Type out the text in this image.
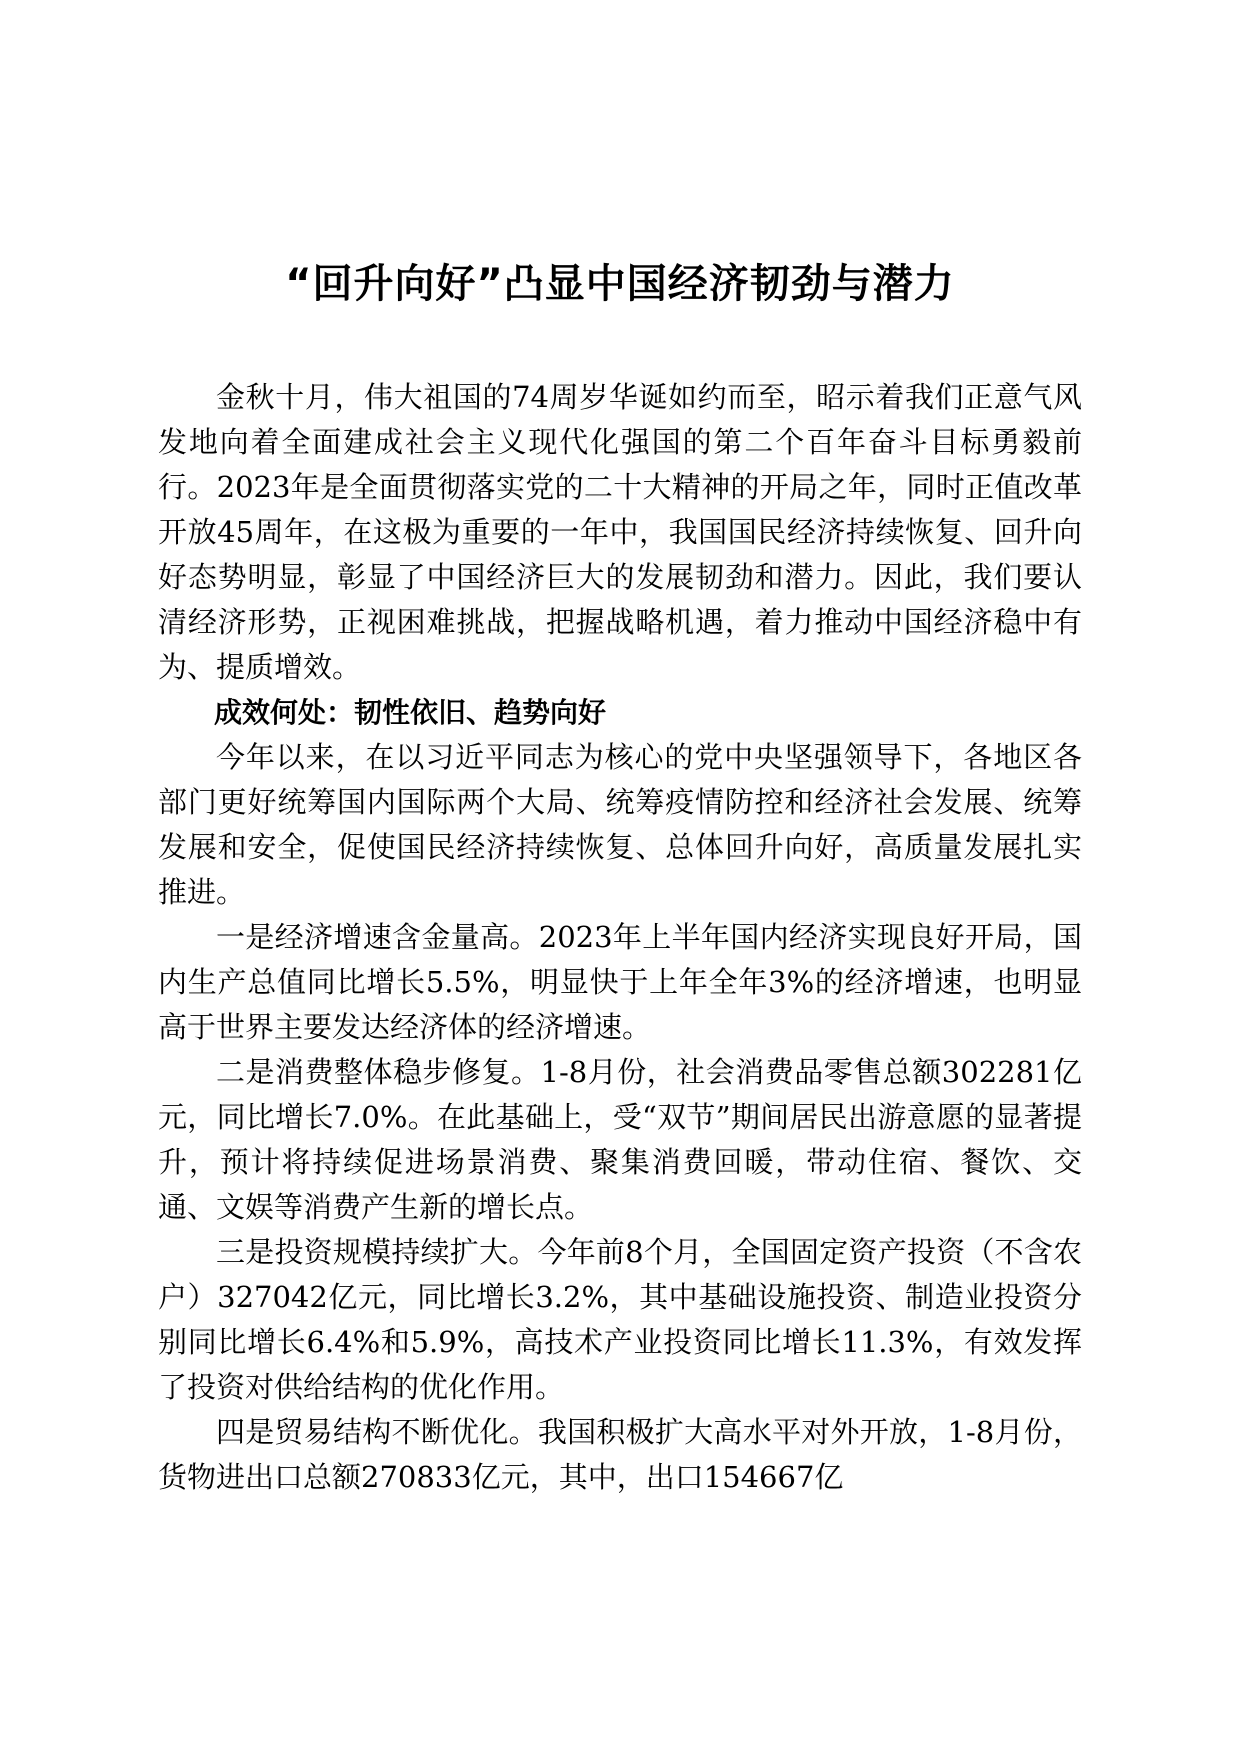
“回升向好”凸显中国经济韧劲与潜力

金秋十月，伟大祖国的74周岁华诞如约而至，昭示着我们正意气风发地向着全面建成社会主义现代化强国的第二个百年奋斗目标勇毅前行。2023年是全面贯彻落实党的二十大精神的开局之年，同时正值改革开放45周年，在这极为重要的一年中，我国国民经济持续恢复、回升向好态势明显，彰显了中国经济巨大的发展韧劲和潜力。因此，我们要认清经济形势，正视困难挑战，把握战略机遇，着力推动中国经济稳中有为、提质增效。

成效何处：韧性依旧、趋势向好

今年以来，在以习近平同志为核心的党中央坚强领导下，各地区各部门更好统筹国内国际两个大局、统筹疫情防控和经济社会发展、统筹发展和安全，促使国民经济持续恢复、总体回升向好，高质量发展扎实推进。

一是经济增速含金量高。2023年上半年国内经济实现良好开局，国内生产总值同比增长5.5%，明显快于上年全年3%的经济增速，也明显高于世界主要发达经济体的经济增速。

二是消费整体稳步修复。1-8月份，社会消费品零售总额302281亿元，同比增长7.0%。在此基础上，受“双节”期间居民出游意愿的显著提升，预计将持续促进场景消费、聚集消费回暖，带动住宿、餐饮、交通、文娱等消费产生新的增长点。

三是投资规模持续扩大。今年前8个月，全国固定资产投资（不含农户）327042亿元，同比增长3.2%，其中基础设施投资、制造业投资分别同比增长6.4%和5.9%，高技术产业投资同比增长11.3%，有效发挥了投资对供给结构的优化作用。

四是贸易结构不断优化。我国积极扩大高水平对外开放，1-8月份，货物进出口总额270833亿元，其中，出口154667亿
